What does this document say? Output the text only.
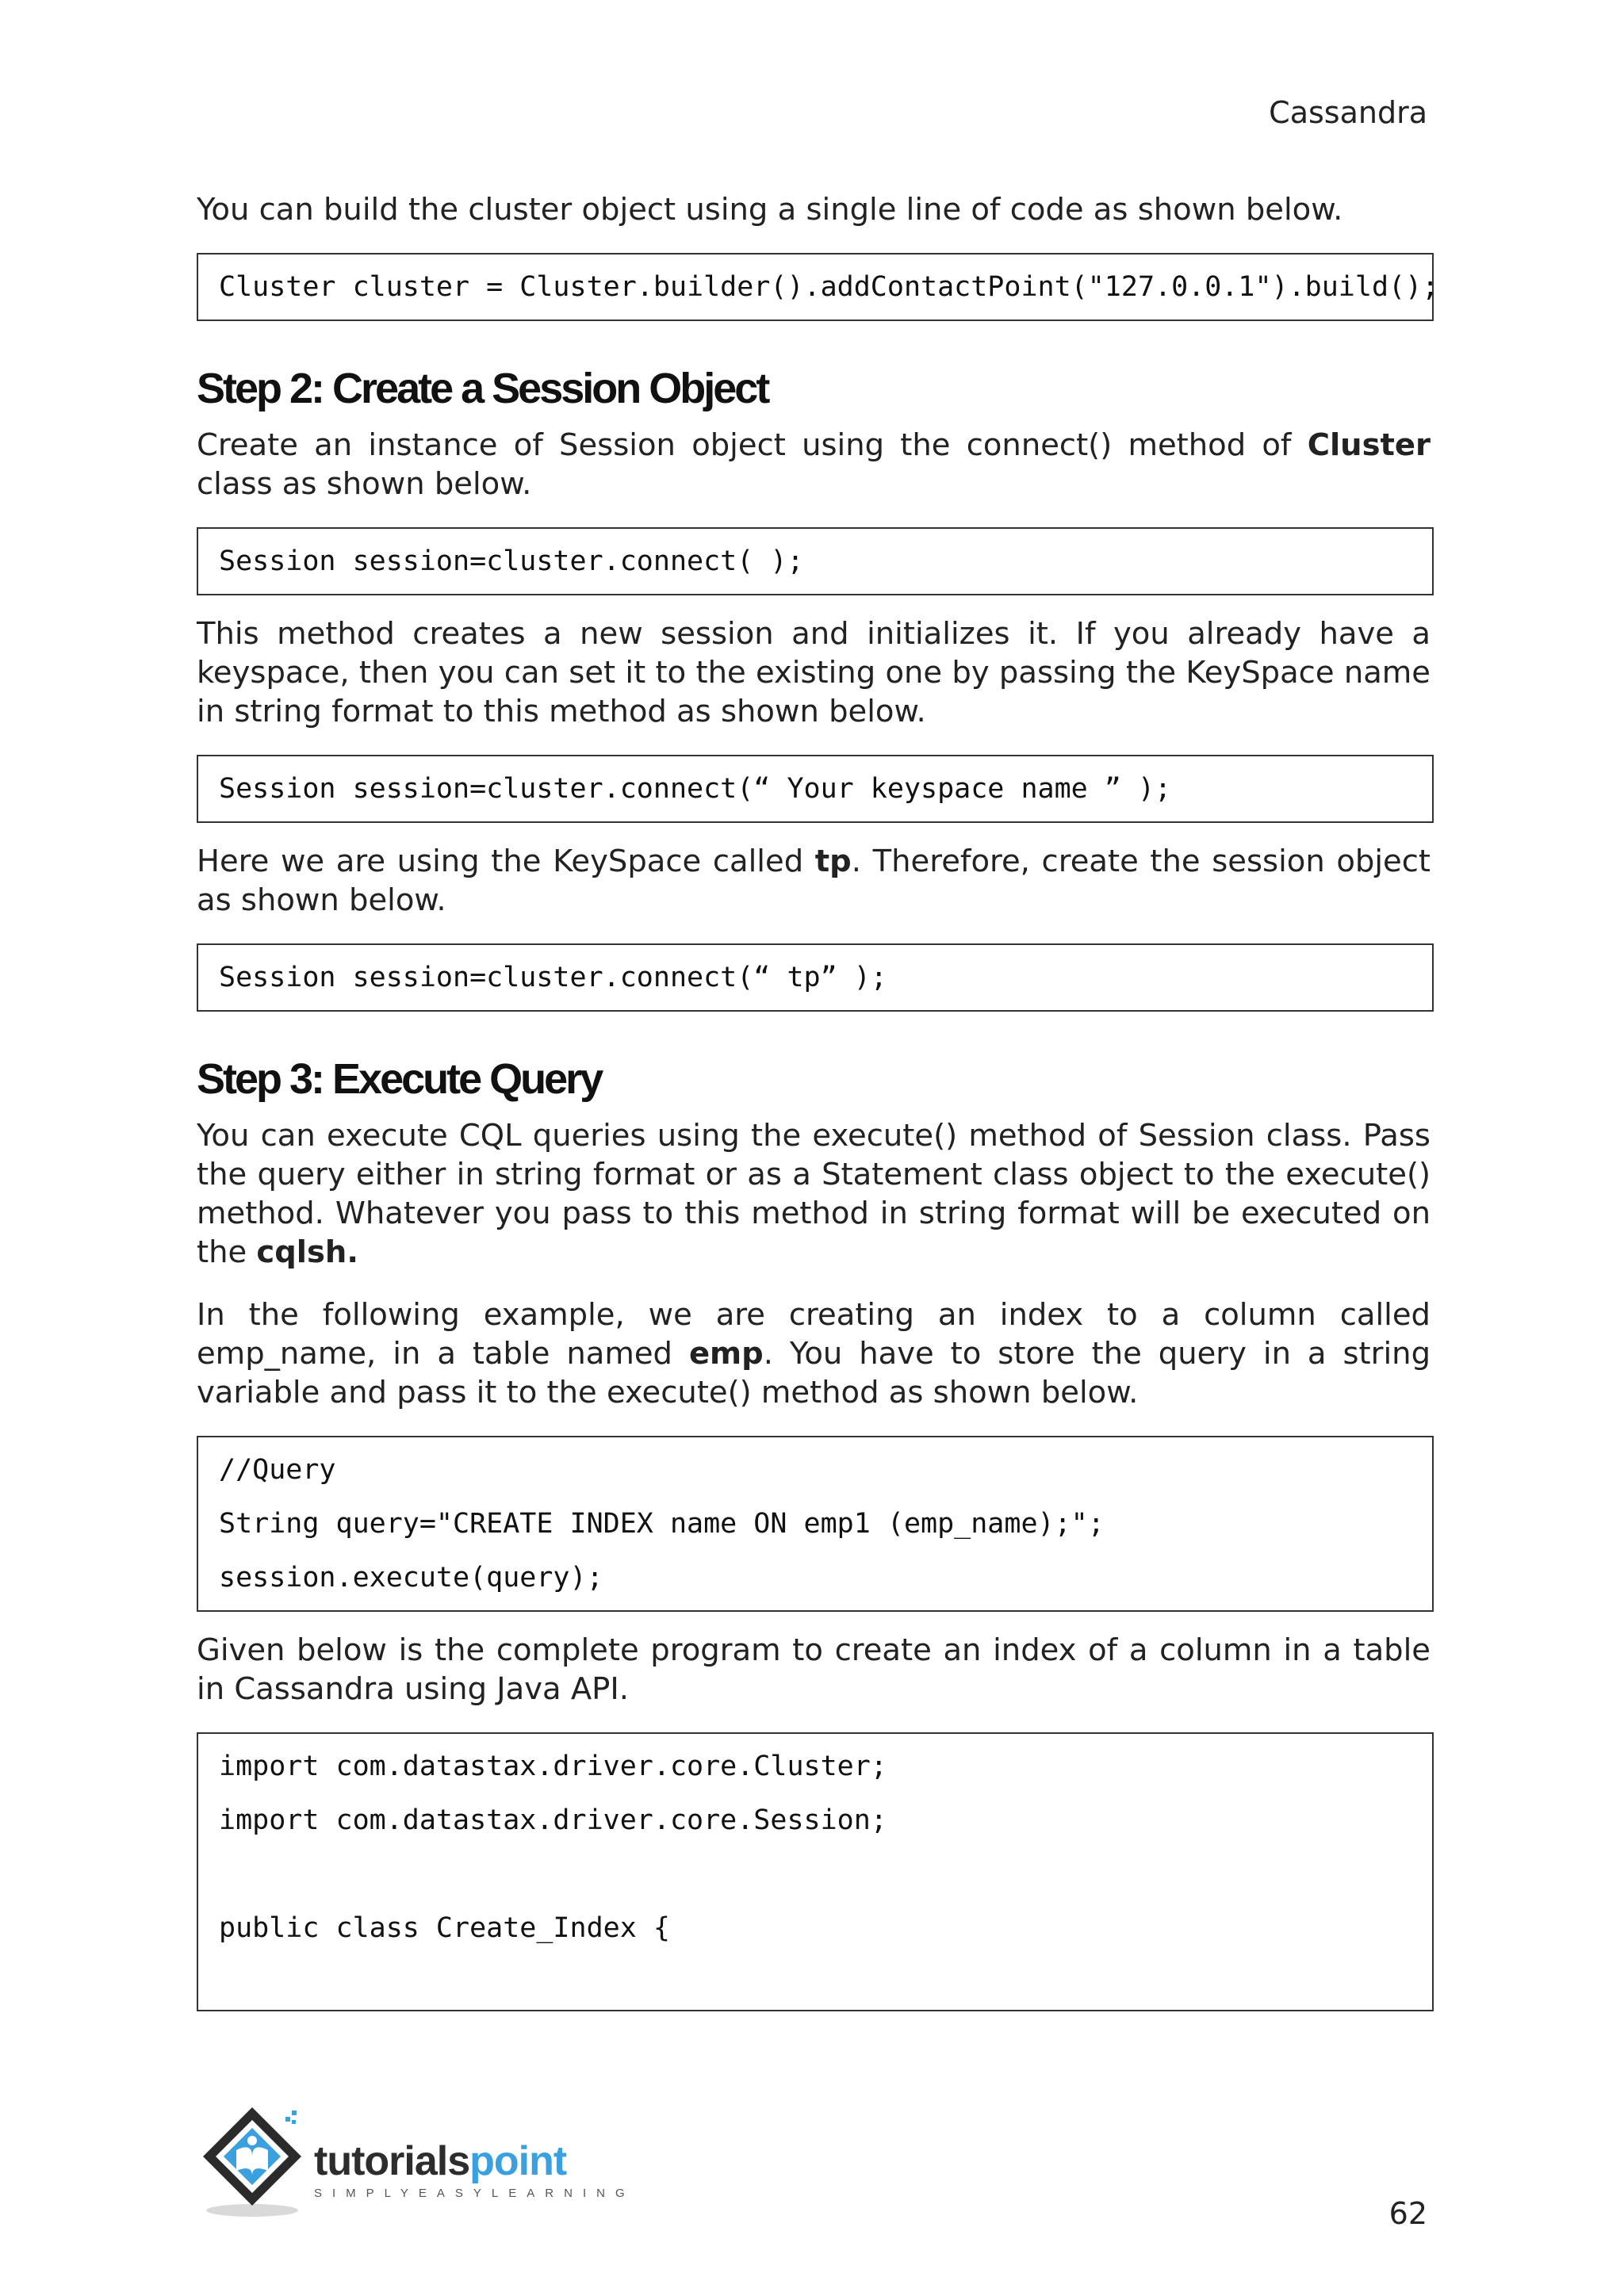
Cassandra

You can build the cluster object using a single line of code as shown below.

Cluster cluster = Cluster.builder().addContactPoint("127.0.0.1").build();
Step 2: Create a Session Object

Create an instance of Session object using the connect() method of Cluster class as shown below.

Session session=cluster.connect( );

This method creates a new session and initializes it. If you already have a keyspace, then you can set it to the existing one by passing the KeySpace name in string format to this method as shown below.

Session session=cluster.connect(“ Your keyspace name ” );

Here we are using the KeySpace called tp. Therefore, create the session object as shown below.

Session session=cluster.connect(“ tp” );
Step 3: Execute Query

You can execute CQL queries using the execute() method of Session class. Pass the query either in string format or as a Statement class object to the execute() method. Whatever you pass to this method in string format will be executed on the cqlsh.

In the following example, we are creating an index to a column called emp_name, in a table named emp. You have to store the query in a string variable and pass it to the execute() method as shown below.

//Query
String query="CREATE INDEX name ON emp1 (emp_name);";
session.execute(query);

Given below is the complete program to create an index of a column in a table in Cassandra using Java API.

import com.datastax.driver.core.Cluster;
import com.datastax.driver.core.Session;
public class Create_Index {
tutorialspoint
SIMPLYEASYLEARNING
62
